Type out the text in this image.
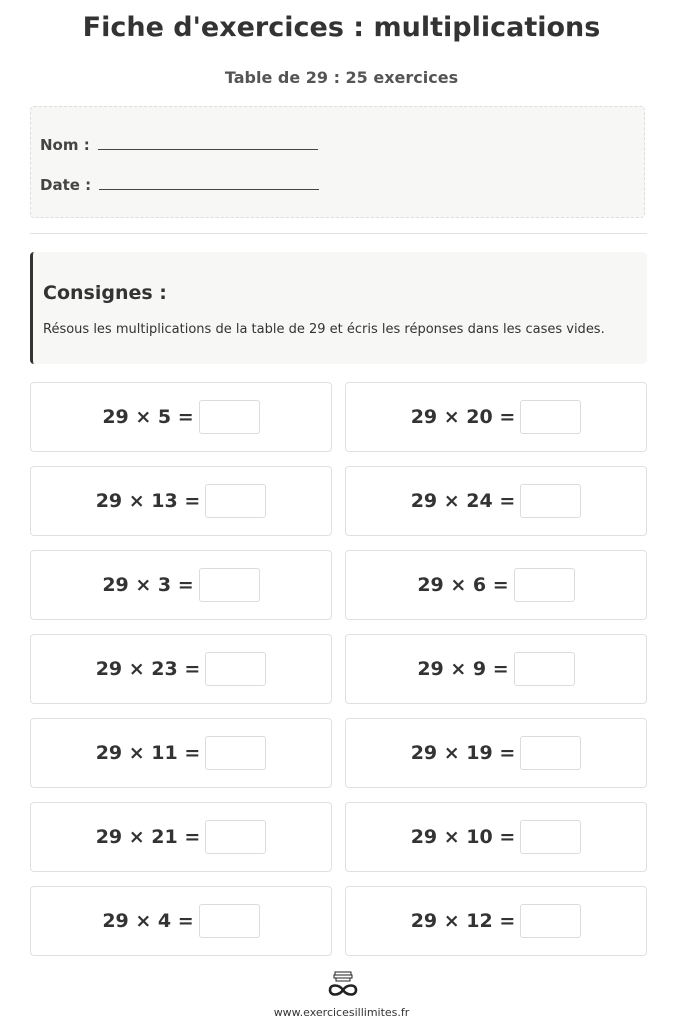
Fiche d'exercices : multiplications
Table de 29 : 25 exercices
Nom :
Date :
Consignes :
Résous les multiplications de la table de 29 et écris les réponses dans les cases vides.
29 × 5 =	29 × 20 =
29 × 13 =	29 × 24 =
29 × 3 =	29 × 6 =
29 × 23 =	29 × 9 =
29 × 11 =	29 × 19 =
29 × 21 =	29 × 10 =
29 × 4 =	29 × 12 =
www.exercicesillimites.fr
